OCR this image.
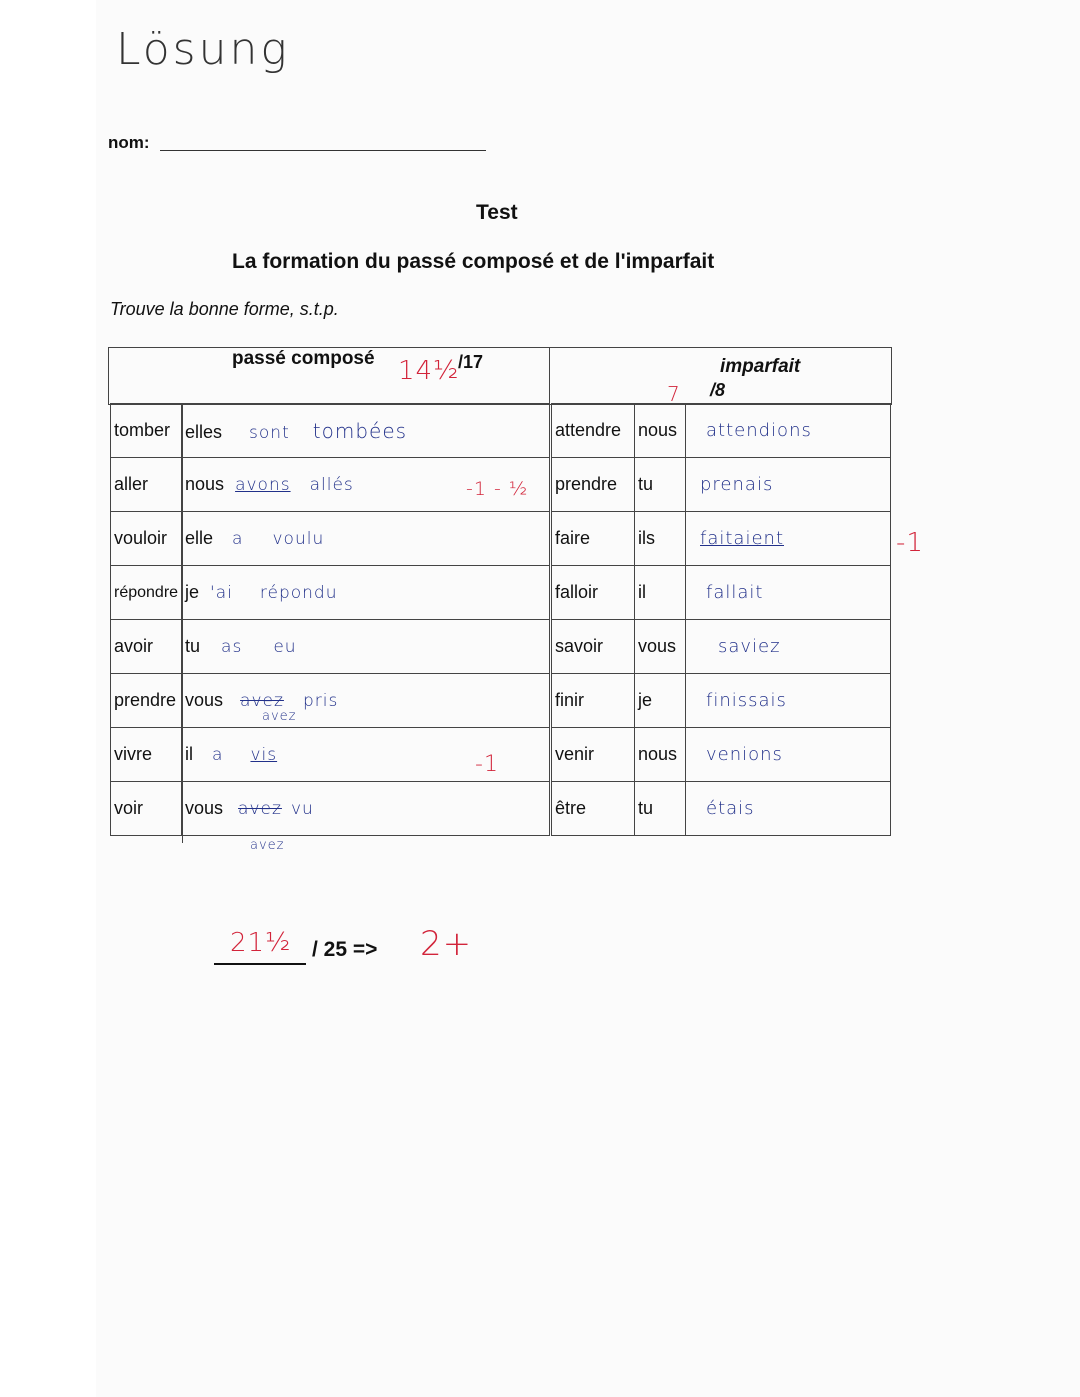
Lösung
nom:
Test
La formation du passé composé et de l'imparfait
Trouve la bonne forme, s.t.p.
passé composé 14½
/17	imparfait
7 /8
tomber	elles sont tombées
aller	nous avons allés
vouloir	elle a voulu
répondre	je 'ai répondu
avoir	tu as eu
prendre	vous avez pris
avez

vivre	il a vis
voir	vous avez vu
avez
-1 - ½
-1
attendre	nous	attendions
prendre	tu	prenais
faire	ils	faitaient
falloir	il	fallait
savoir	vous	saviez
finir	je	finissais
venir	nous	venions
être	tu	étais
-1
21½ / 25 => 2+
